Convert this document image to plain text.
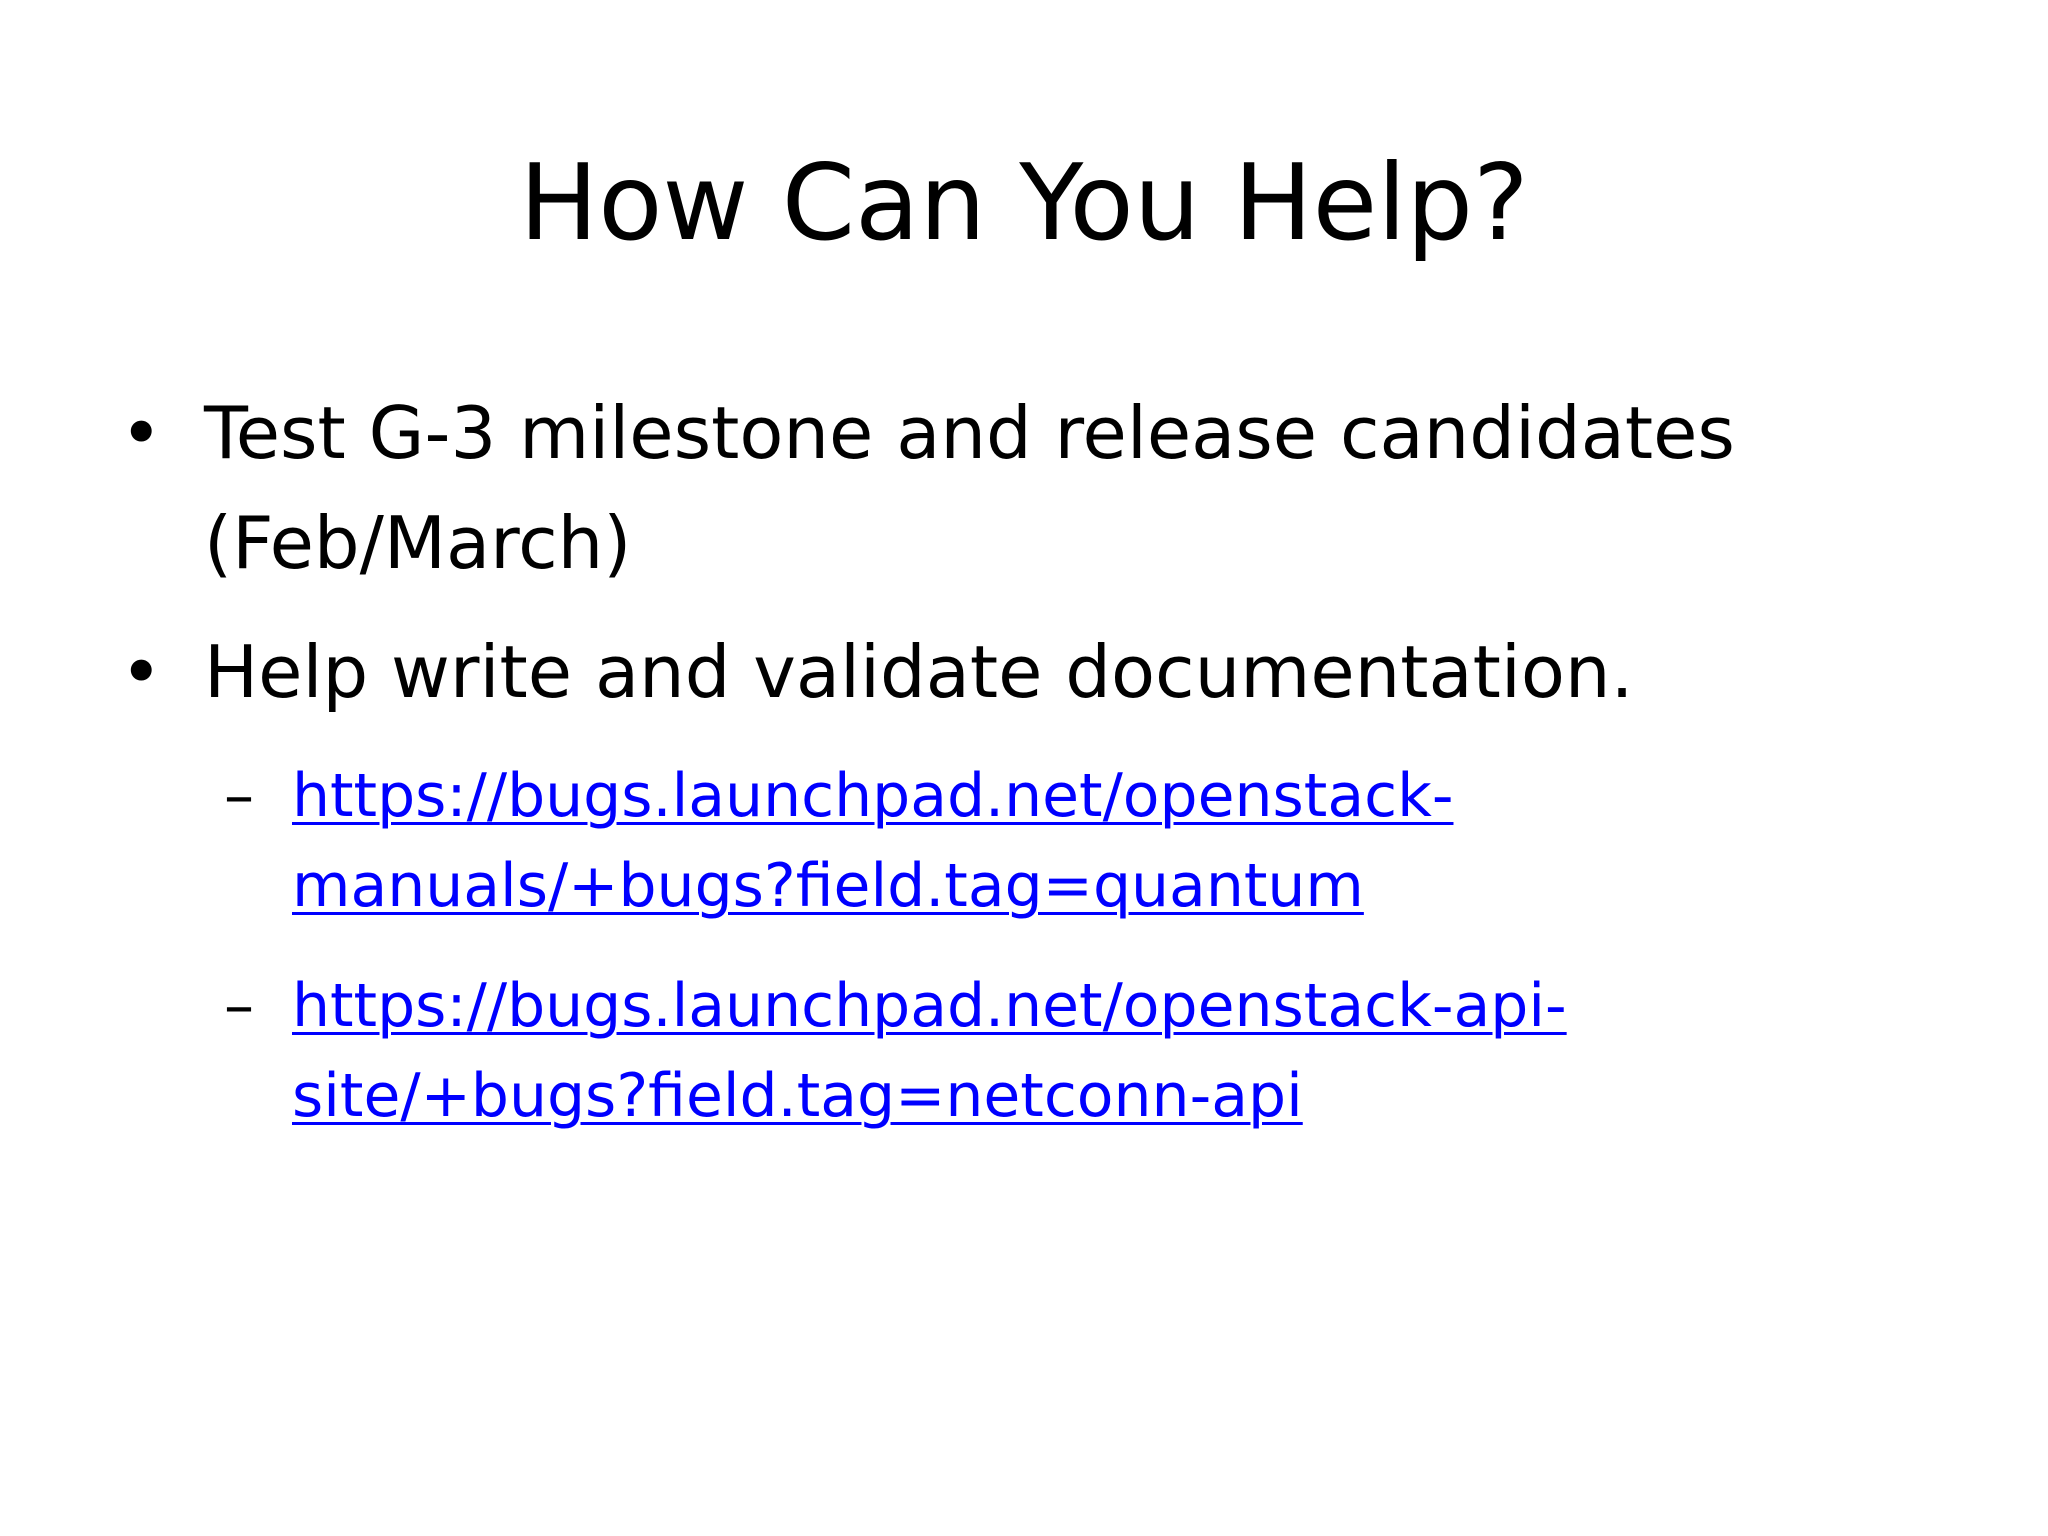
How Can You Help?
• Test G-3 milestone and release candidates
(Feb/March)
• Help write and validate documentation.
– https://bugs.launchpad.net/openstack-
manuals/+bugs?field.tag=quantum
– https://bugs.launchpad.net/openstack-api-
site/+bugs?field.tag=netconn-api
